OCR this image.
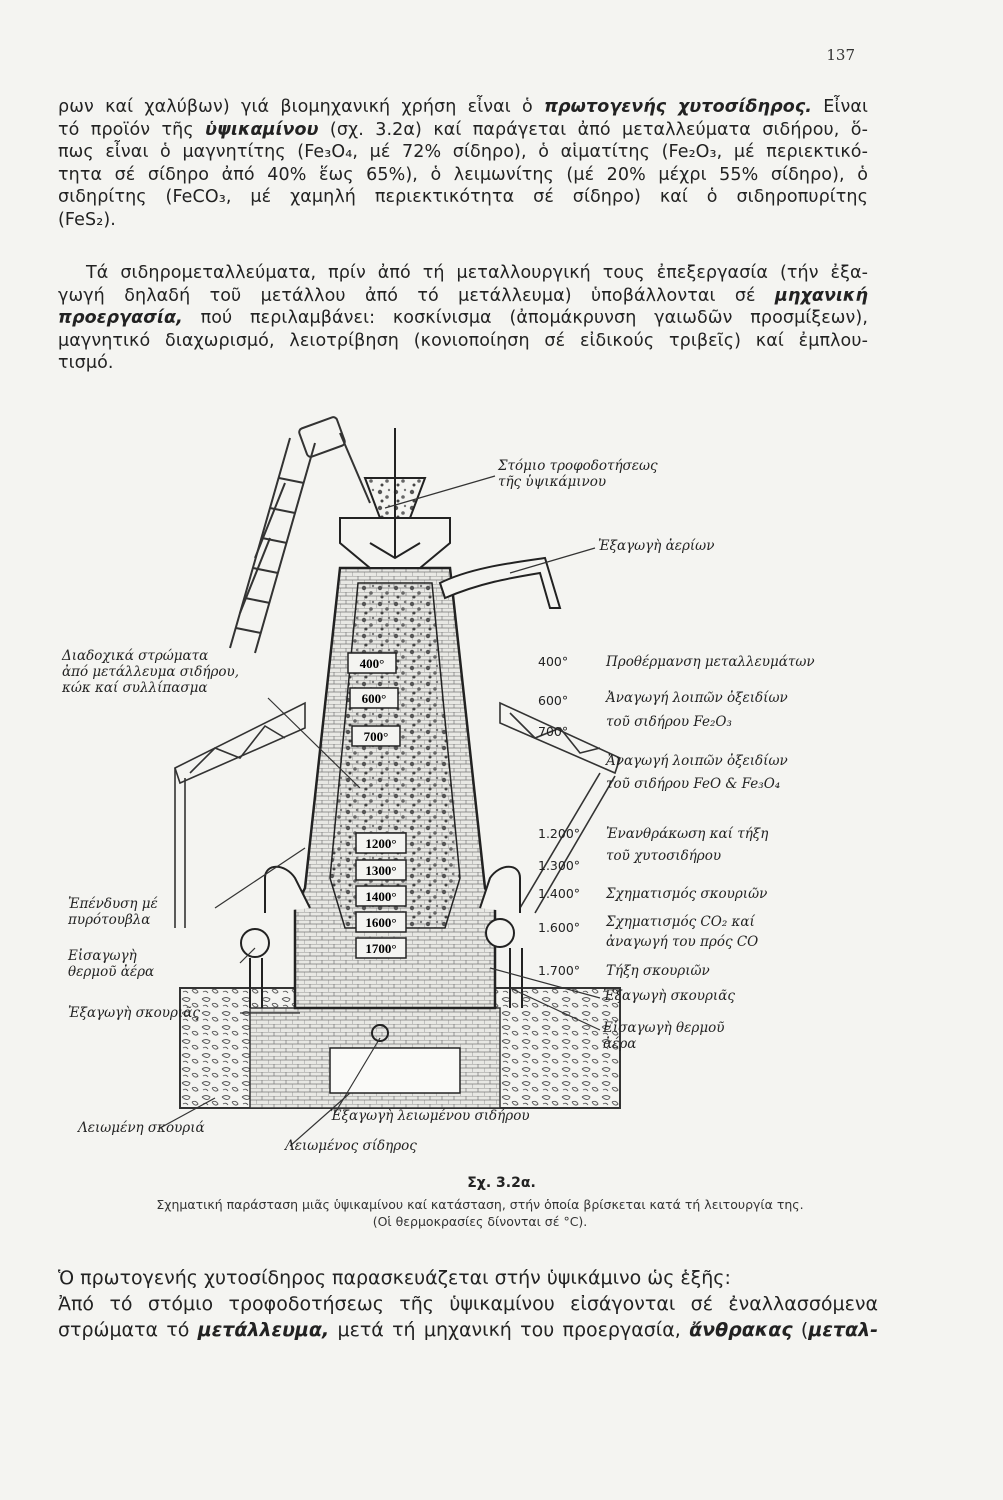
137
ρων καί χαλύβων) γιά βιομηχανική χρήση εἶναι ὁ πρωτογενής χυτοσίδηρος. Εἶναι
τό προϊόν τῆς ὑψικαμίνου (σχ. 3.2α) καί παράγεται ἀπό μεταλλεύματα σιδήρου, ὅ-
πως εἶναι ὁ μαγνητίτης (Fe₃O₄, μέ 72% σίδηρο), ὁ αἱματίτης (Fe₂O₃, μέ περιεκτικό-
τητα σέ σίδηρο ἀπό 40% ἕως 65%), ὁ λειμωνίτης (μέ 20% μέχρι 55% σίδηρο), ὁ
σιδηρίτης (FeCO₃, μέ χαμηλή περιεκτικότητα σέ σίδηρο) καί ὁ σιδηροπυρίτης
(FeS₂).
Τά σιδηρομεταλλεύματα, πρίν ἀπό τή μεταλλουργική τους ἐπεξεργασία (τήν ἐξα-
γωγή δηλαδή τοῦ μετάλλου ἀπό τό μετάλλευμα) ὑποβάλλονται σέ μηχανική
προεργασία, πού περιλαμβάνει: κοσκίνισμα (ἀπομάκρυνση γαιωδῶν προσμίξεων),
μαγνητικό διαχωρισμό, λειοτρίβηση (κονιοποίηση σέ εἰδικούς τριβεῖς) καί ἐμπλου-
τισμό.
400°
600°
700°
1200°
1300°
1400°
1600°
1700°
Στόμιο τροφοδοτήσεως
τῆς ὑψικάμινου
Ἐξαγωγὴ ἀερίων
Διαδοχικά στρώματα
ἀπό μετάλλευμα σιδήρου,
κώκ καί συλλίπασμα
Ἐπένδυση μέ
πυρότουβλα
Εἰσαγωγὴ
θερμοῦ ἀέρα
Ἐξαγωγὴ σκουριᾶς
Λειωμένη σκουριά
Ἐξαγωγὴ λειωμένου σιδήρου
Λειωμένος σίδηρος
Ἐξαγωγὴ σκουριᾶς
Εἰσαγωγὴ θερμοῦ
ἀέρα
400°	Προθέρμανση μεταλλευμάτων
600°	Ἀναγωγή λοιπῶν ὀξειδίων
700°
τοῦ σιδήρου Fe₂O₃
Ἀναγωγή λοιπῶν ὀξειδίων
τοῦ σιδήρου FeO & Fe₃O₄
1.200° Ἐνανθράκωση καί τήξη
1.300°
τοῦ χυτοσιδήρου
1.400° Σχηματισμός σκουριῶν
1.600° Σχηματισμός CO₂ καί
ἀναγωγή του πρός CO
1.700° Τήξη σκουριῶν
Σχ. 3.2α.
Σχηματική παράσταση μιᾶς ὑψικαμίνου καί κατάσταση, στήν ὁποία βρίσκεται κατά τή λειτουργία της.
(Οἱ θερμοκρασίες δίνονται σέ °C).
Ὁ πρωτογενής χυτοσίδηρος παρασκευάζεται στήν ὑψικάμινο ὡς ἑξῆς:
Ἀπό τό στόμιο τροφοδοτήσεως τῆς ὑψικαμίνου εἰσάγονται σέ ἐναλλασσόμενα
στρώματα τό μετάλλευμα, μετά τή μηχανική του προεργασία, ἄνθρακας (μεταλ-
